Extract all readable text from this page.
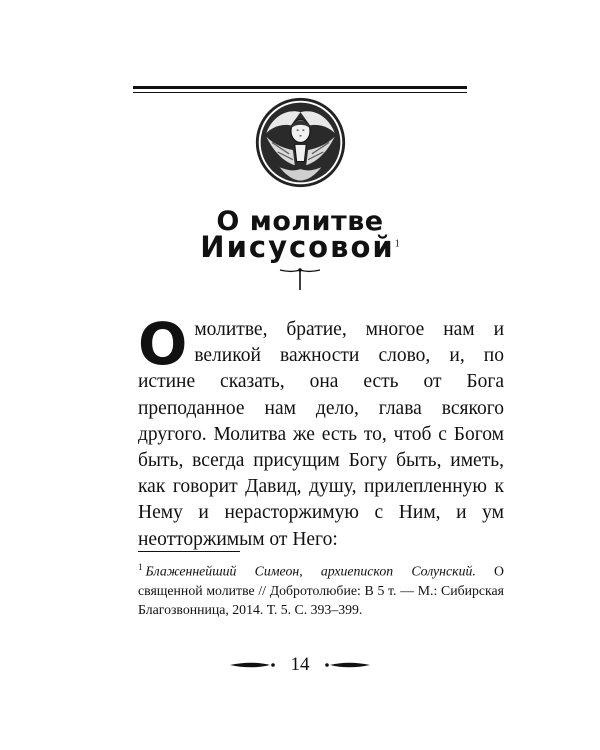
О молитве
Иисусовой$^1$
О молитве, братие, многое нам и великой важности слово, и, по истине сказать, она есть от Бога преподанное нам дело, глава всякого другого. Молитва же есть то, чтоб с Богом быть, всегда присущим Богу быть, иметь, как говорит Давид, душу, прилепленную к Нему и нерасторжимую с Ним, и ум неотторжимым от Него:
$^1$ Блаженнейший Симеон, архиепископ Солунский. О священной молитве // Добротолюбие: В 5 т. — М.: Сибирская Благозвонница, 2014. Т. 5. С. 393–399.
14
